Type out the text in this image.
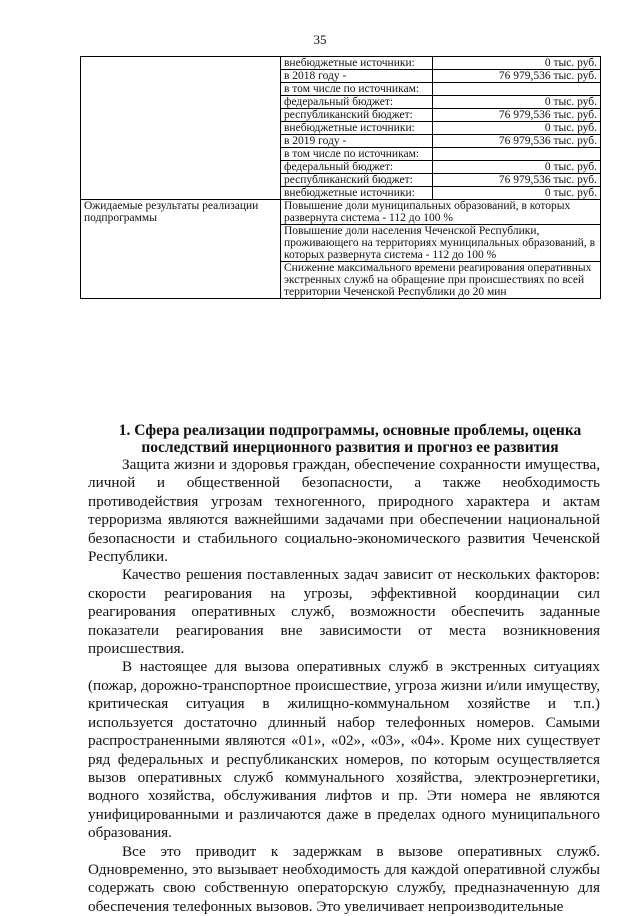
35
	внебюджетные источники:	0 тыс. руб.
	в 2018 году -	76 979,536 тыс. руб.
	в том числе по источникам:	
	федеральный бюджет:	0 тыс. руб.
	республиканский бюджет:	76 979,536 тыс. руб.
	внебюджетные источники:	0 тыс. руб.
	в 2019 году -	76 979,536 тыс. руб.
	в том числе по источникам:	
	федеральный бюджет:	0 тыс. руб.
	республиканский бюджет:	76 979,536 тыс. руб.
	внебюджетные источники:	0 тыс. руб.
Ожидаемые результаты реализации подпрограммы	Повышение доли муниципальных образований, в которых развернута система - 112 до 100 %	
	Повышение доли населения Чеченской Республики, проживающего на территориях муниципальных образований, в которых развернута система - 112 до 100 %	
	Снижение максимального времени реагирования оперативных экстренных служб на обращение при происшествиях по всей территории Чеченской Республики до 20 мин	
1. Сфера реализации подпрограммы, основные проблемы, оценка последствий инерционного развития и прогноз ее развития

Защита жизни и здоровья граждан, обеспечение сохранности имущества, личной и общественной безопасности, а также необходимость противодействия угрозам техногенного, природного характера и актам терроризма являются важнейшими задачами при обеспечении национальной безопасности и стабильного социально-экономического развития Чеченской Республики.

Качество решения поставленных задач зависит от нескольких факторов: скорости реагирования на угрозы, эффективной координации сил реагирования оперативных служб, возможности обеспечить заданные показатели реагирования вне зависимости от места возникновения происшествия.

В настоящее для вызова оперативных служб в экстренных ситуациях (пожар, дорожно-транспортное происшествие, угроза жизни и/или имуществу, критическая ситуация в жилищно-коммунальном хозяйстве и т.п.) используется достаточно длинный набор телефонных номеров. Самыми распространенными являются «01», «02», «03», «04». Кроме них существует ряд федеральных и республиканских номеров, по которым осуществляется вызов оперативных служб коммунального хозяйства, электроэнергетики, водного хозяйства, обслуживания лифтов и пр. Эти номера не являются унифицированными и различаются даже в пределах одного муниципального образования.

Все это приводит к задержкам в вызове оперативных служб. Одновременно, это вызывает необходимость для каждой оперативной службы содержать свою собственную операторскую службу, предназначенную для обеспечения телефонных вызовов. Это увеличивает непроизводительные
